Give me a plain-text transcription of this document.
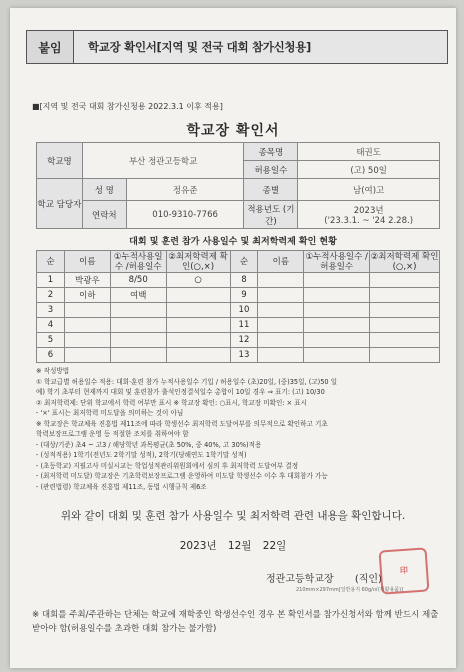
붙임	학교장 확인서[지역 및 전국 대회 참가신청용]
■[지역 및 전국 대회 참가신청용 2022.3.1 이후 적용]
학교장 확인서
학교명	부산 정관고등학교		종목명	태권도
			허용일수	(고) 50일
학교 담당자	성 명	정유준	종별	남(여)고
	연락처	010-9310-7766	적용년도 (기간)	2023년
('23.3.1. ~ '24 2.28.)
대회 및 훈련 참가 사용일수 및 최저학력제 확인 현황
순	이름	①누적사용일수 /허용일수	②최저학력제 확인(○,×)	순	이름	①누적사용일수 /허용일수	②최저학력제 확인(○,×)
1	박광우	8/50	○	8			
2	이하	여백		9			
3				10			
4				11			
5				12			
6				13			
※ 작성방법
① 학교급별 허용일수 적용: 대회·훈련 참가 누적사용일수 기입 / 허용일수 (초)20일, (중)35일, (고)50 일
예) 학기 초부터 현재까지 대회 및 훈련참가 출석인정결석일수 총합이 10일 경우 ⇒ 표기: (고) 10/30
② 최저학력제: 단위 학교에서 학력 여부만 표시 ※ 학교장 확인: ○표시, 학교장 미확인: × 표시
- '×' 표시는 최저학력 미도달을 의미하는 것이 아님
※ 학교장은 학교체육 진흥법 제11조에 따라 학생선수 최저학력 도달여부를 의무적으로 확인하고 기초
학력보장프로그램 운영 등 적절한 조치를 취하여야 함
- (대상/기준) 초4 ~ 고3 / 해당학년 과목평균(초 50%, 중 40%, 고 30%)적용
- (성적적용) 1학기(전년도 2학기말 성적), 2학기(당해연도 1학기말 성적)
- (초등학교) 지필고사 미실시교는 학업성적관리위원회에서 심의 후 최저학력 도달여부 결정
- (최저학력 미도달) 학교장은 기초학력보장프로그램 운영하여 미도달 학생선수 이수 후 대회참가 가능
- (관련법령) 학교체육 진흥법 제11조, 동법 시행규칙 제6조
위와 같이 대회 및 훈련 참가 사용일수 및 최저학력 관련 내용을 확인합니다.
2023년 12월 22일
정관고등학교장 (직인)
印
210mm×297mm[일반용지 60g/㎡(재활용품)]
※ 대회를 주최/주관하는 단체는 학교에 재학중인 학생선수인 경우 본 확인서를 참가신청서와 함께 반드시 제출받아야 함(허용일수를 초과한 대회 참가는 불가함)
